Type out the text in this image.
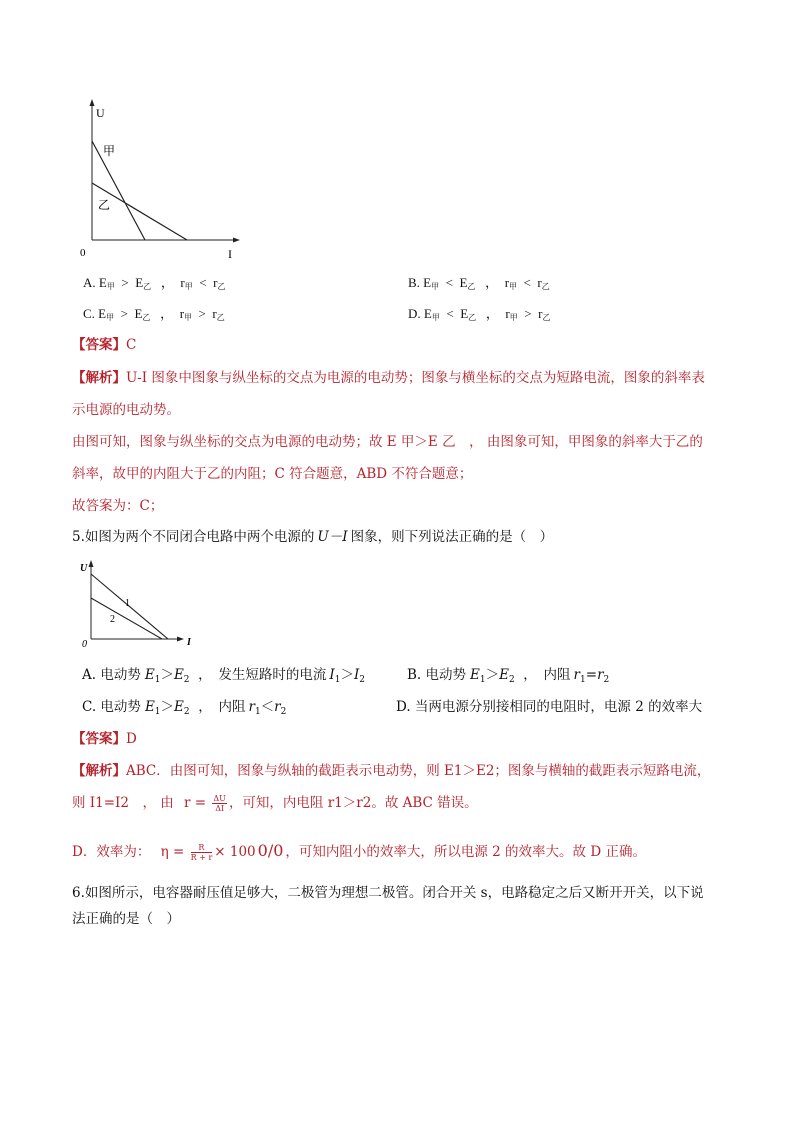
U
甲
乙
0	I
A. $E_甲 > E_乙$ ， $r_甲 < r_乙$	B. $E_甲 < E_乙$ ， $r_甲 < r_乙$
C. $E_甲 > E_乙$ ， $r_甲 > r_乙$	D. $E_甲 < E_乙$ ， $r_甲 > r_乙$
【答案】C
【解析】U-I 图象中图象与纵坐标的交点为电源的电动势；图象与横坐标的交点为短路电流，图象的斜率表
示电源的电动势。
由图可知，图象与纵坐标的交点为电源的电动势；故 E 甲＞E 乙　， 由图象可知，甲图象的斜率大于乙的
斜率，故甲的内阻大于乙的内阻；C 符合题意，ABD 不符合题意；
故答案为：C；
5.如图为两个不同闭合电路中两个电源的 U－I 图象，则下列说法正确的是（　）
U
1
2
0	I
A. 电动势 $E_1>E_2$ ，　发生短路时的电流 $I_1>I_2$	B. 电动势 $E_1>E_2$ ，　内阻 $r_1=r_2$
C. 电动势 $E_1>E_2$ ，　内阻 $r_1<r_2$	D. 当两电源分别接相同的电阻时，电源 2 的效率大
【答案】D
【解析】ABC．由图可知，图象与纵轴的截距表示电动势，则 E1＞E2；图象与横轴的截距表示短路电流，
则 I1=I2　， 由 $r = \frac{\Delta U}{\Delta I}$ ，可知，内电阻 r1＞r2。故 ABC 错误。
D．效率为： $\eta = \frac{R}{R + r} \times 100$ 0/0 ，可知内阻小的效率大，所以电源 2 的效率大。故 D 正确。
6.如图所示，电容器耐压值足够大，二极管为理想二极管。闭合开关 s，电路稳定之后又断开开关，以下说
法正确的是（　）
